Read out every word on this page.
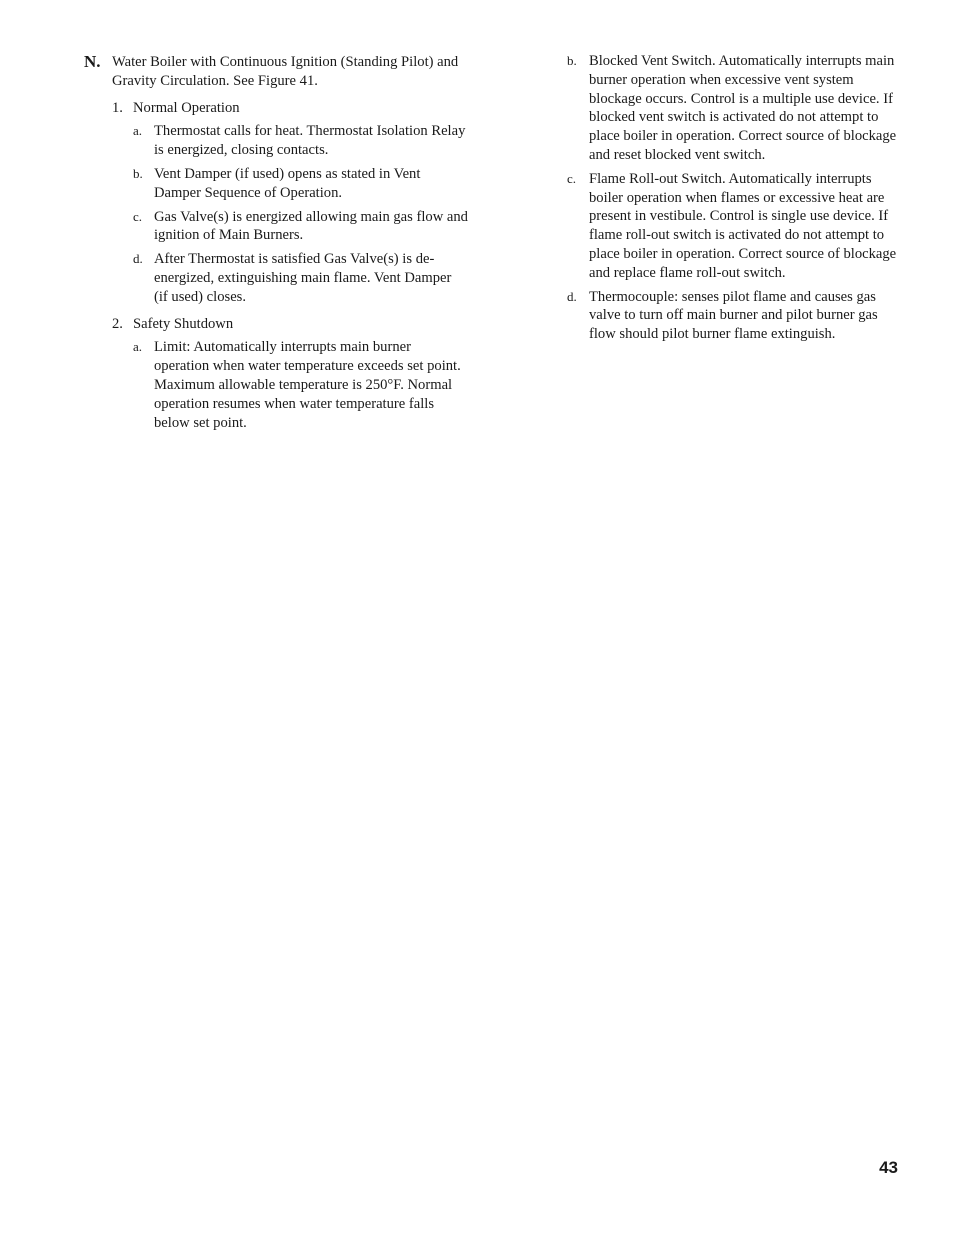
N. Water Boiler with Continuous Ignition (Standing Pilot) and Gravity Circulation. See Figure 41.
1. Normal Operation
a. Thermostat calls for heat. Thermostat Isolation Relay is energized, closing contacts.
b. Vent Damper (if used) opens as stated in Vent Damper Sequence of Operation.
c. Gas Valve(s) is energized allowing main gas flow and ignition of Main Burners.
d. After Thermostat is satisfied Gas Valve(s) is de-energized, extinguishing main flame. Vent Damper (if used) closes.
2. Safety Shutdown
a. Limit: Automatically interrupts main burner operation when water temperature exceeds set point. Maximum allowable temperature is 250°F. Normal operation resumes when water temperature falls below set point.
b. Blocked Vent Switch. Automatically interrupts main burner operation when excessive vent system blockage occurs. Control is a multiple use device. If blocked vent switch is activated do not attempt to place boiler in operation. Correct source of blockage and reset blocked vent switch.
c. Flame Roll-out Switch. Automatically interrupts boiler operation when flames or excessive heat are present in vestibule. Control is single use device. If flame roll-out switch is activated do not attempt to place boiler in operation. Correct source of blockage and replace flame roll-out switch.
d. Thermocouple: senses pilot flame and causes gas valve to turn off main burner and pilot burner gas flow should pilot burner flame extinguish.
43
